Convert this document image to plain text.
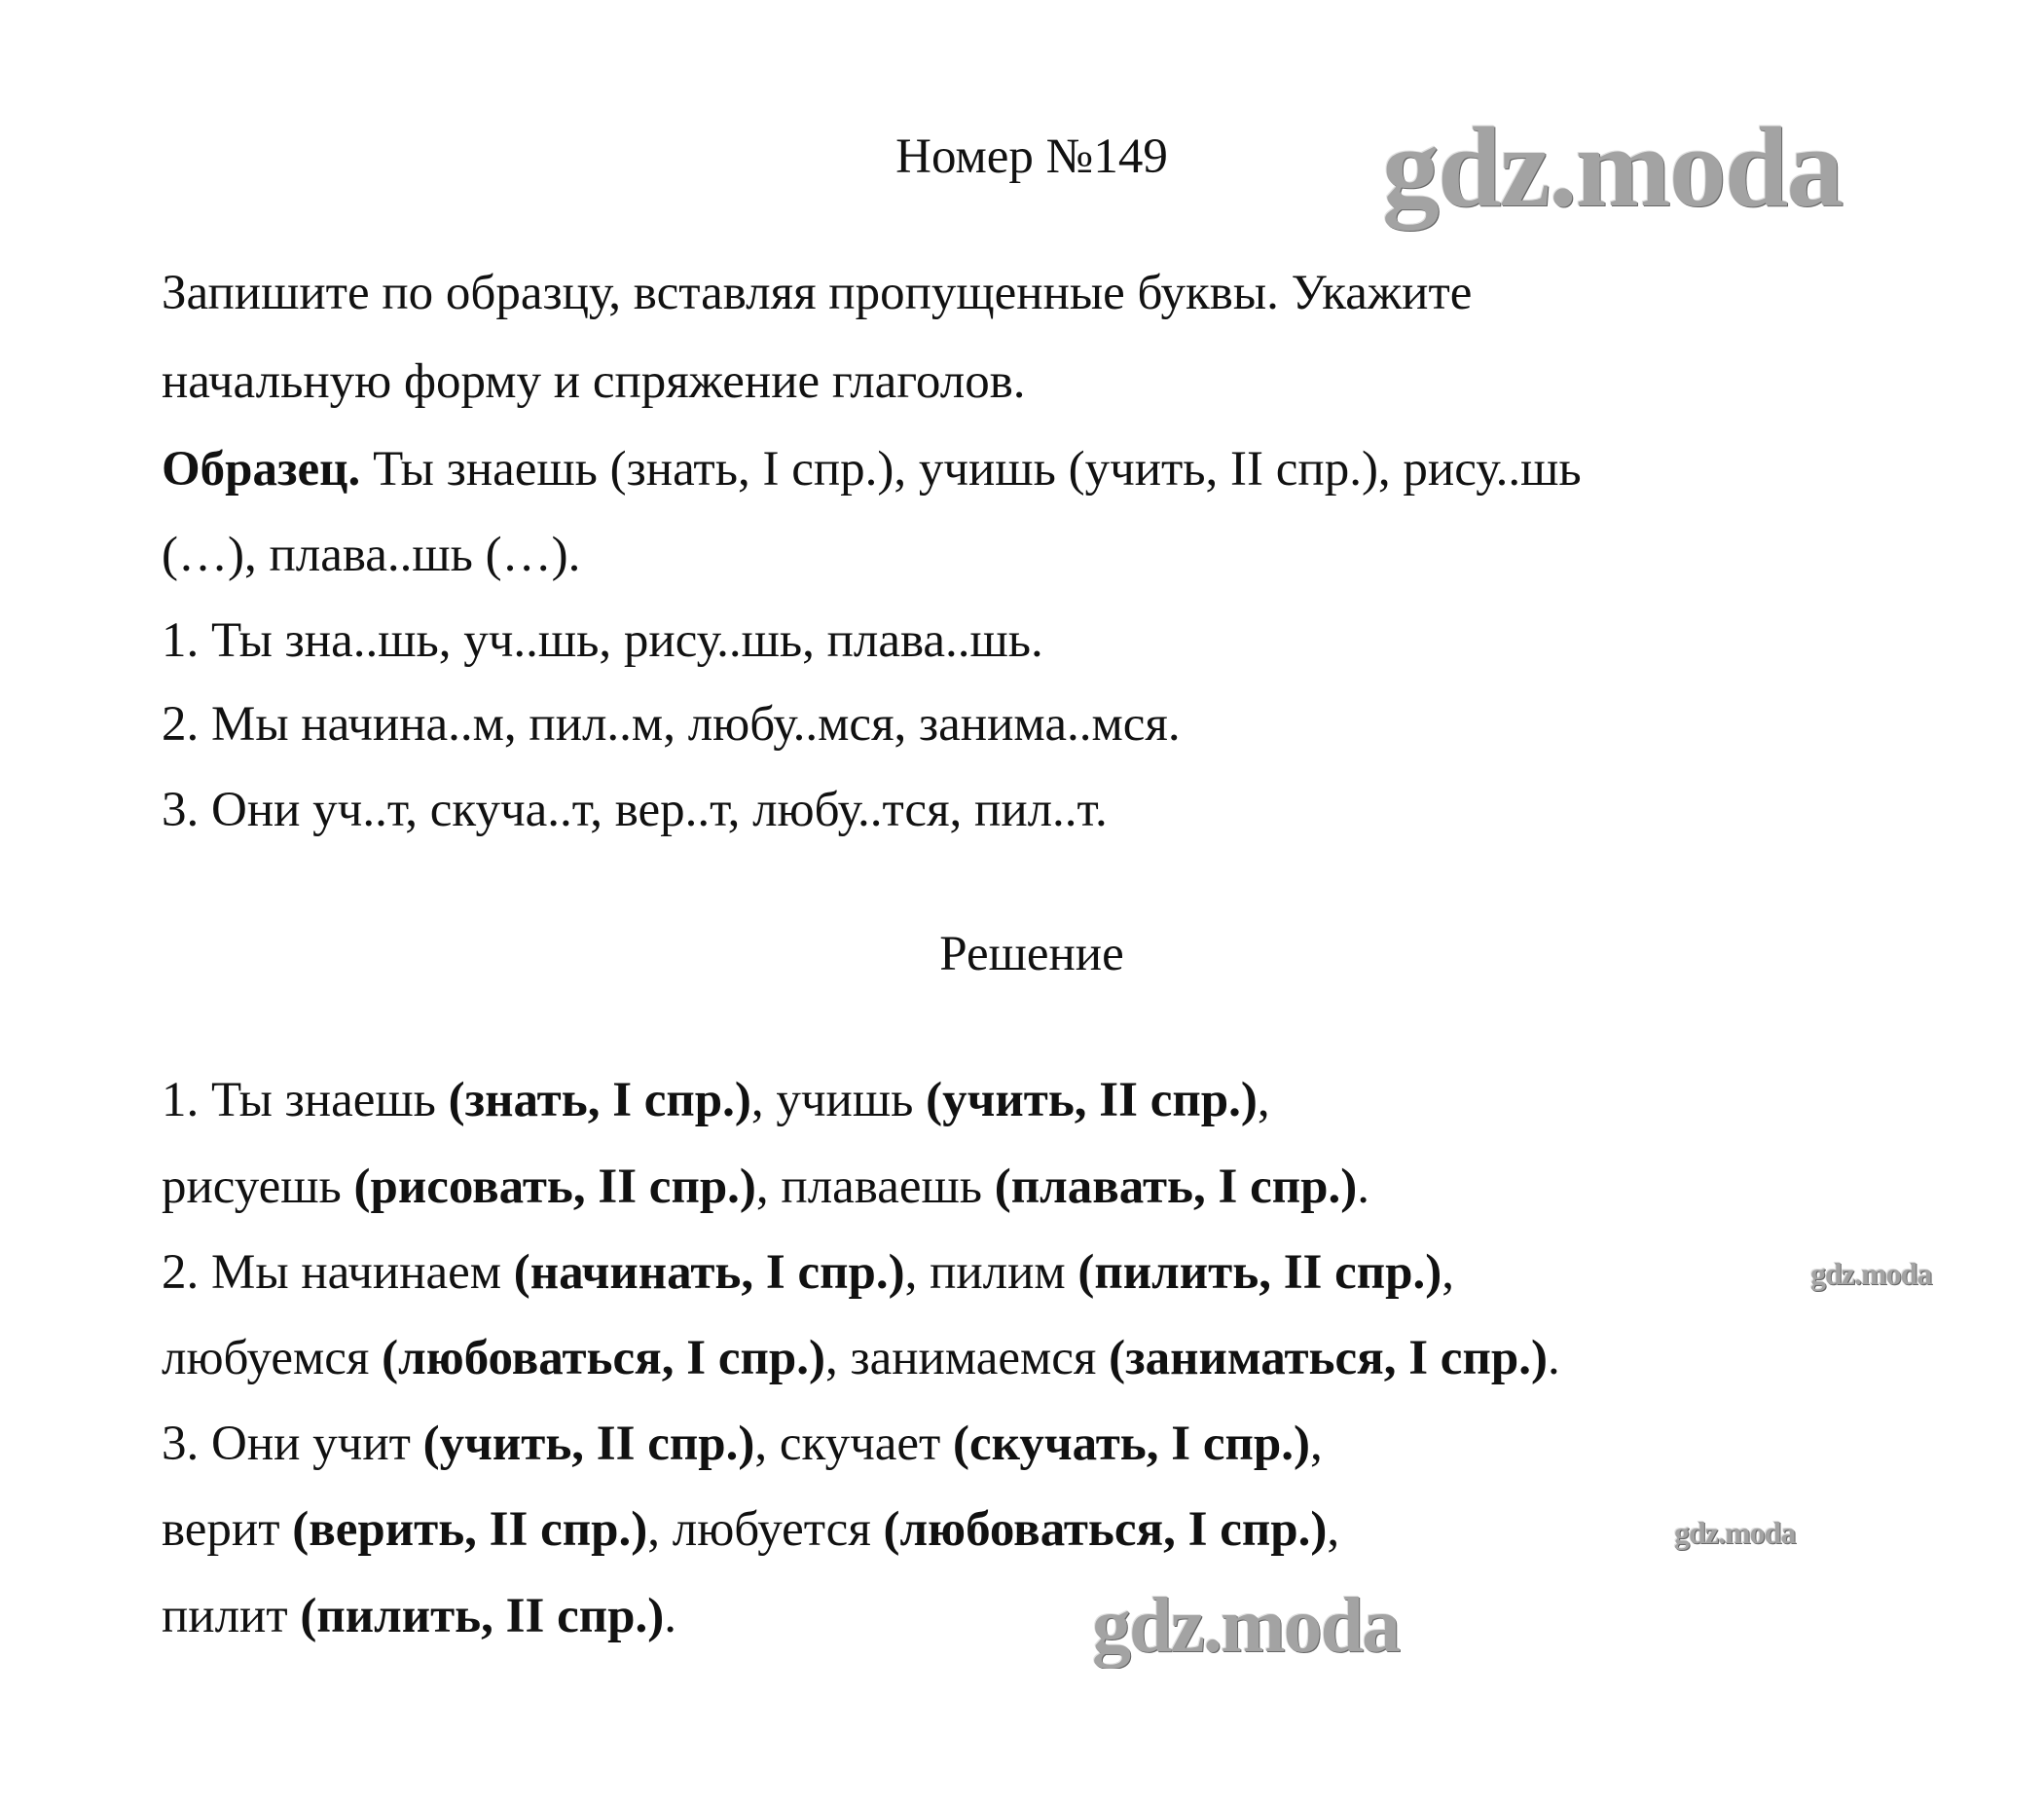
Номер №149
Запишите по образцу, вставляя пропущенные буквы. Укажите
начальную форму и спряжение глаголов.
Образец. Ты знаешь (знать, I спр.), учишь (учить, II спр.), рису..шь
(…), плава..шь (…).
1. Ты зна..шь, уч..шь, рису..шь, плава..шь.
2. Мы начина..м, пил..м, любу..мся, занима..мся.
3. Они уч..т, скуча..т, вер..т, любу..тся, пил..т.
Решение
1. Ты знаешь (знать, I спр.), учишь (учить, II спр.),
рисуешь (рисовать, II спр.), плаваешь (плавать, I спр.).
2. Мы начинаем (начинать, I спр.), пилим (пилить, II спр.),
любуемся (любоваться, I спр.), занимаемся (заниматься, I спр.).
3. Они учит (учить, II спр.), скучает (скучать, I спр.),
верит (верить, II спр.), любуется (любоваться, I спр.),
пилит (пилить, II спр.).
gdz.moda
gdz.moda
gdz.moda
gdz.moda
